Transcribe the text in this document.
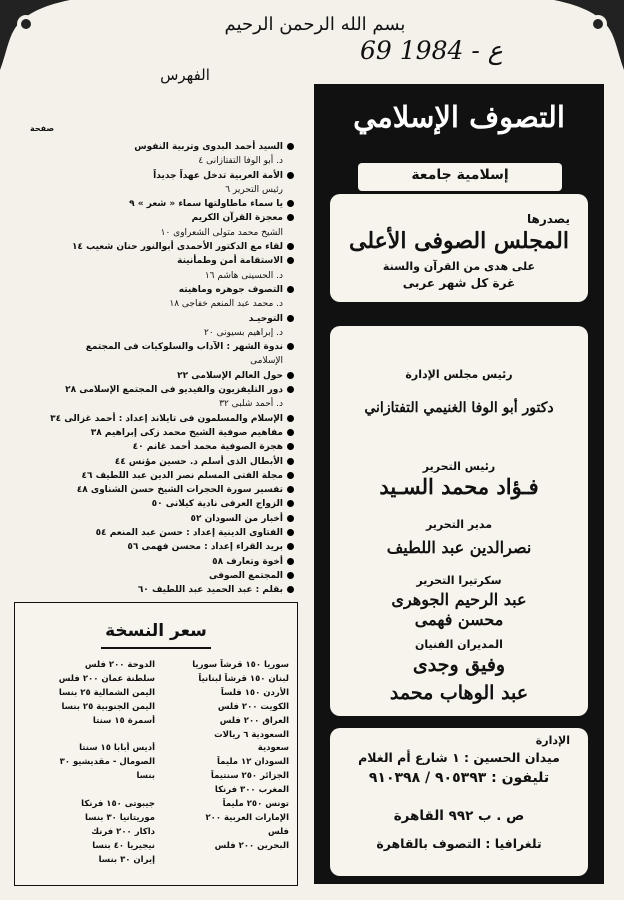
بسم الله الرحمن الرحيم
69 ع - 1984
الفهرس
صفحة
السيد أحمد البدوى وتربية النفوس
د. أبو الوفا التفتازانى ٤
الأمة العربية تدخل عهداً جديداً
رئيس التحرير ٦
يا سماء ماطاولتها سماء « شعر » ٩
معجزة القرآن الكريم
الشيخ محمد متولى الشعراوى ١٠
لقاء مع الدكتور الأحمدى أبوالنور حنان شعيب ١٤
الاستقامة أمن وطمأنينة
د. الحسينى هاشم ١٦
التصوف جوهره وماهيته
د. محمد عبد المنعم خفاجى ١٨
التوحيـد
د. إبراهيم بسيونى ٢٠
ندوة الشهر : الآداب والسلوكيات فى المجتمع
الإسلامى
حول العالم الإسلامى ٢٢
دور التليفزيون والفيديو فى المجتمع الإسلامى ٢٨
د. أحمد شلبى ٣٢
الإسلام والمسلمون فى تايلاند إعداد : أحمد غزالى ٣٤
مفاهيم صوفية الشيخ محمد زكى إبراهيم ٣٨
هجرة الصوفية محمد أحمد غانم ٤٠
الأبطال الذى أسلم د. حسين مؤنس ٤٤
مجلة الفتى المسلم نصر الدين عبد اللطيف ٤٦
تفسير سورة الحجرات الشيخ حسن الشناوى ٤٨
الزواج العرفى نادية كيلانى ٥٠
أخبار من السودان ٥٢
الفتاوى الدينية إعداد : حسن عبد المنعم ٥٤
بريد القراء إعداد : محسن فهمى ٥٦
أخوة وتعارف ٥٨
المجتمع الصوفى
بقلم : عبد الحميد عبد اللطيف ٦٠
سعر النسخة
سوريا ١٥٠ قرشاً سوريا
لبنان ١٥٠ قرشاً لبنانياً
الأردن ١٥٠ فلساً
الكويت ٢٠٠ فلس
العراق ٢٠٠ فلس
السعودية ٦ ريالات
سعودية
السودان ١٢ مليماً
الجزائر ٢٥٠ سنتيماً
المغرب ٣٠٠ فرنكا
تونس ٢٥٠ مليماً
الإمارات العربية ٢٠٠
فلس
البحرين ٢٠٠ فلس
الدوحة ٢٠٠ فلس
سلطنة عمان ٢٠٠ فلس
اليمن الشمالية ٢٥ بنسا
اليمن الجنوبية ٢٥ بنسا
أسمرة ١٥ سنتا

أديس أبابا ١٥ سنتا
الصومال - مقديشيو ٣٠
بنسا

جيبوتى ١٥٠ فرنكا
موريتانيا ٣٠ بنسا
داكار ٢٠٠ فرنك
نيجيريا ٤٠ بنسا
إيران ٣٠ بنسا
التصوف الإسلامي
إسلامية جامعة
يصدرها
المجلس الصوفى الأعلى
على هدى من القرآن والسنة
غرة كل شهر عربى
رئيس مجلس الإدارة
دكتور أبو الوفا الغنيمي التفتازاني
رئيس التحرير
فـؤاد محمد السـيد
مدير التحرير
نصرالدين عبد اللطيف
سكرتيرا التحرير
عبد الرحيم الجوهرى
محسن فهمى
المديران الفنيان
وفيق وجدى
عبد الوهاب محمد
الإدارة
ميدان الحسين : ١ شارع أم الغلام
تليفون : ٩٠٥٣٩٣ / ٩١٠٣٩٨
ص . ب ٩٩٢ القاهرة
تلغرافيا : التصوف بالقاهرة
